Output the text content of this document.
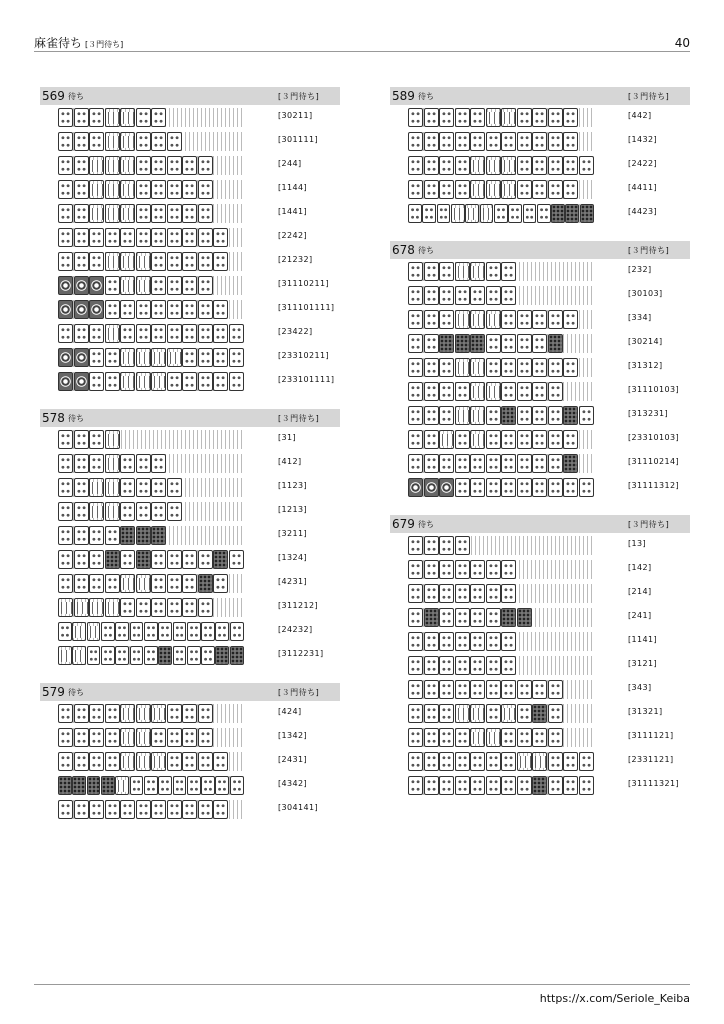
麻雀待ち [３門待ち]	40
569 待ち	[３門待ち]
[30211]
[301111]
[244]
[1144]
[1441]
[2242]
[21232]
[31110211]
[311101111]
[23422]
[23310211]
[233101111]
578 待ち	[３門待ち]
[31]
[412]
[1123]
[1213]
[3211]
[1324]
[4231]
[311212]
[24232]
[3112231]
579 待ち	[３門待ち]
[424]
[1342]
[2431]
[4342]
[304141]
589 待ち	[３門待ち]
[442]
[1432]
[2422]
[4411]
[4423]
678 待ち	[３門待ち]
[232]
[30103]
[334]
[30214]
[31312]
[31110103]
[313231]
[23310103]
[31110214]
[31111312]
679 待ち	[３門待ち]
[13]
[142]
[214]
[241]
[1141]
[3121]
[343]
[31321]
[3111121]
[2331121]
[31111321]
https://x.com/Seriole_Keiba
